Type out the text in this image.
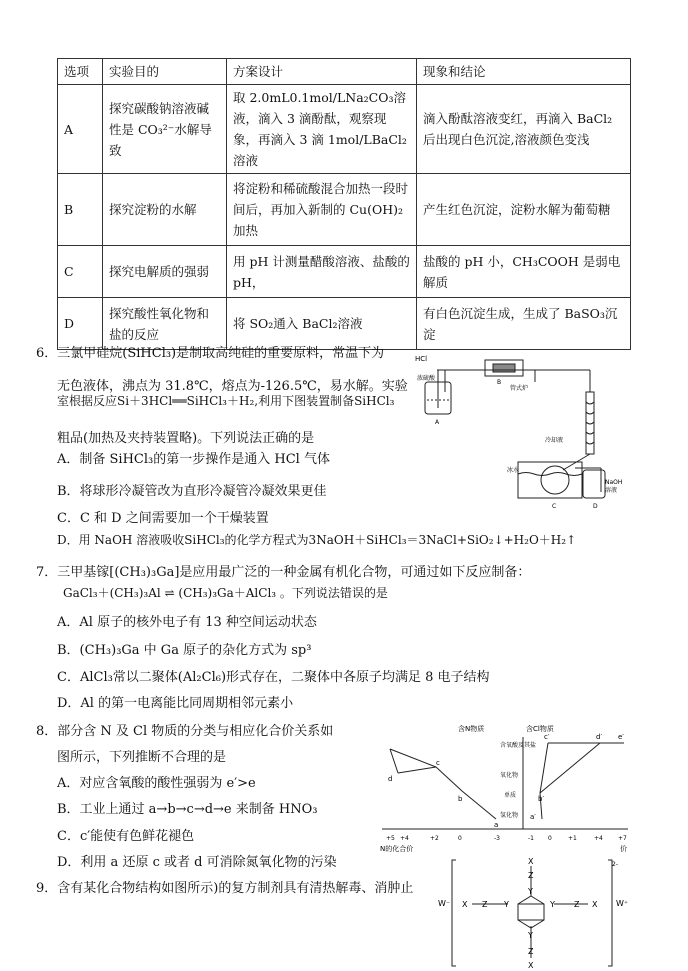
选项	实验目的	方案设计	现象和结论
A	探究碳酸钠溶液碱性是 CO₃²⁻水解导致	取 2.0mL0.1mol/LNa₂CO₃溶液，滴入 3 滴酚酞，观察现象，再滴入 3 滴 1mol/LBaCl₂溶液	滴入酚酞溶液变红，再滴入 BaCl₂后出现白色沉淀,溶液颜色变浅
B	探究淀粉的水解	将淀粉和稀硫酸混合加热一段时间后，再加入新制的 Cu(OH)₂加热	产生红色沉淀，淀粉水解为葡萄糖
C	探究电解质的强弱	用 pH 计测量醋酸溶液、盐酸的 pH，	盐酸的 pH 小，CH₃COOH 是弱电解质
D	探究酸性氧化物和盐的反应	将 SO₂通入 BaCl₂溶液	有白色沉淀生成，生成了 BaSO₃沉淀
6．三氯甲硅烷(SiHCl₃)是制取高纯硅的重要原料，常温下为
无色液体，沸点为 31.8℃，熔点为-126.5℃，易水解。实验
室根据反应Si＋3HCl══SiHCl₃＋H₂,利用下图装置制备SiHCl₃
粗品(加热及夹持装置略)。下列说法正确的是
A．制备 SiHCl₃的第一步操作是通入 HCl 气体
B．将球形冷凝管改为直形冷凝管冷凝效果更佳
C．C 和 D 之间需要加一个干燥装置
D．用 NaOH 溶液吸收SiHCl₃的化学方程式为3NaOH＋SiHCl₃＝3NaCl+SiO₂↓+H₂O＋H₂↑
HCl
浓硫酸
A
B
管式炉
冷却液
冰水
C
NaOH
溶液
D
7．三甲基镓[(CH₃)₃Ga]是应用最广泛的一种金属有机化合物，可通过如下反应制备：
GaCl₃＋(CH₃)₃Al ⇌ (CH₃)₃Ga＋AlCl₃ 。下列说法错误的是
A．Al 原子的核外电子有 13 种空间运动状态
B．(CH₃)₃Ga 中 Ga 原子的杂化方式为 sp³
C．AlCl₃常以二聚体(Al₂Cl₆)形式存在，二聚体中各原子均满足 8 电子结构
D．Al 的第一电离能比同周期相邻元素小
8．部分含 N 及 Cl 物质的分类与相应化合价关系如
图所示，下列推断不合理的是
A．对应含氧酸的酸性强弱为 e′>e
B．工业上通过 a→b→c→d→e 来制备 HNO₃
C．c′能使有色鲜花褪色
D．利用 a 还原 c 或者 d 可消除氮氧化物的污染
含N物质	含Cl物质
含氧酸及其盐
氧化物
单质
氢化物
d
c
b
a
a′
b′
c′	d′ e′
+5 +4	+2	0	-3	-1 0	+1	+4	+7
N的化合价	价
9．含有某化合物结构如图所示)的复方制剂具有清热解毒、消肿止
W⁻	W⁺
2-
X
X
X	X
Z
Z
Z	Z
Y	Y
Y
Y
